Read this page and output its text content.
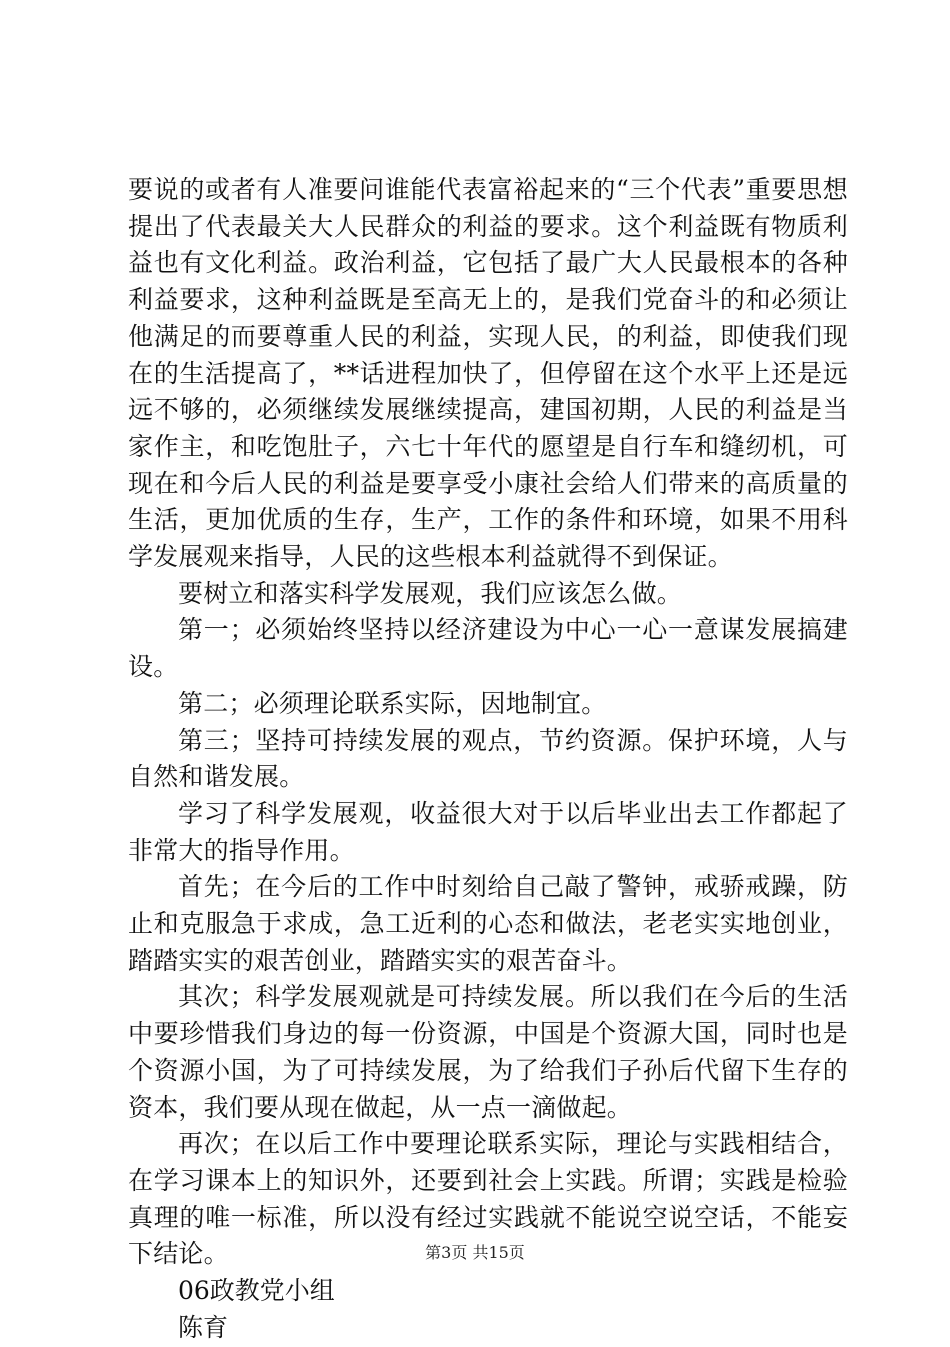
要说的或者有人准要问谁能代表富裕起来的“三个代表”重要思想提出了代表最关大人民群众的利益的要求。这个利益既有物质利益也有文化利益。政治利益，它包括了最广大人民最根本的各种利益要求，这种利益既是至高无上的，是我们党奋斗的和必须让他满足的而要尊重人民的利益，实现人民，的利益，即使我们现在的生活提高了，**话进程加快了，但停留在这个水平上还是远远不够的，必须继续发展继续提高，建国初期，人民的利益是当家作主，和吃饱肚子，六七十年代的愿望是自行车和缝纫机，可现在和今后人民的利益是要享受小康社会给人们带来的高质量的生活，更加优质的生存，生产，工作的条件和环境，如果不用科学发展观来指导，人民的这些根本利益就得不到保证。

要树立和落实科学发展观，我们应该怎么做。

第一；必须始终坚持以经济建设为中心一心一意谋发展搞建设。

第二；必须理论联系实际，因地制宜。

第三；坚持可持续发展的观点，节约资源。保护环境，人与自然和谐发展。

学习了科学发展观，收益很大对于以后毕业出去工作都起了非常大的指导作用。

首先；在今后的工作中时刻给自己敲了警钟，戒骄戒躁，防止和克服急于求成，急工近利的心态和做法，老老实实地创业，踏踏实实的艰苦创业，踏踏实实的艰苦奋斗。

其次；科学发展观就是可持续发展。所以我们在今后的生活中要珍惜我们身边的每一份资源，中国是个资源大国，同时也是个资源小国，为了可持续发展，为了给我们子孙后代留下生存的资本，我们要从现在做起，从一点一滴做起。

再次；在以后工作中要理论联系实际，理论与实践相结合，在学习课本上的知识外，还要到社会上实践。所谓；实践是检验真理的唯一标准，所以没有经过实践就不能说空说空话，不能妄下结论。

06政教党小组

陈育

第3页 共15页
